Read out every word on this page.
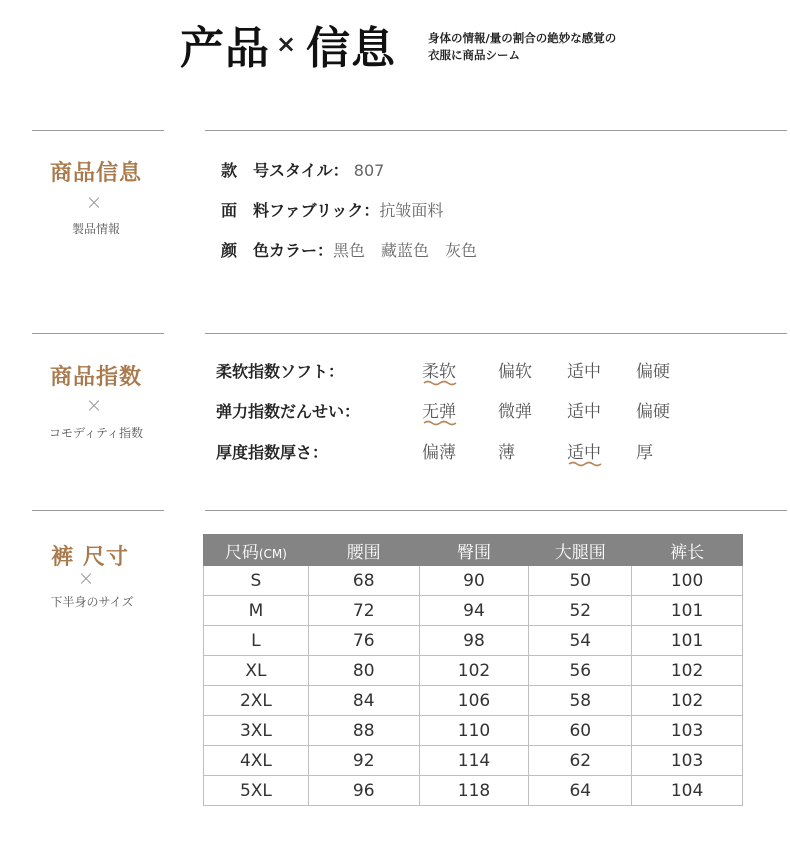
产品 × 信息	身体の情報/量の割合の絶妙な感覚の
衣服に商品シーム
商品信息
×
製品情報
款　号スタイル： 807
面　料ファブリック：抗皱面料
颜　色カラー：黑色　藏蓝色　灰色
商品指数
×
コモディティ指数
柔软指数ソフト：	柔软 偏软 适中 偏硬
弹力指数だんせい：	无弹 微弹 适中 偏硬
厚度指数厚さ：	偏薄 薄	适中 厚
裤 尺寸
×
下半身のサイズ
尺码(CM)	腰围	臀围	大腿围	裤长
S	68	90	50	100
M	72	94	52	101
L	76	98	54	101
XL	80	102	56	102
2XL	84	106	58	102
3XL	88	110	60	103
4XL	92	114	62	103
5XL	96	118	64	104
